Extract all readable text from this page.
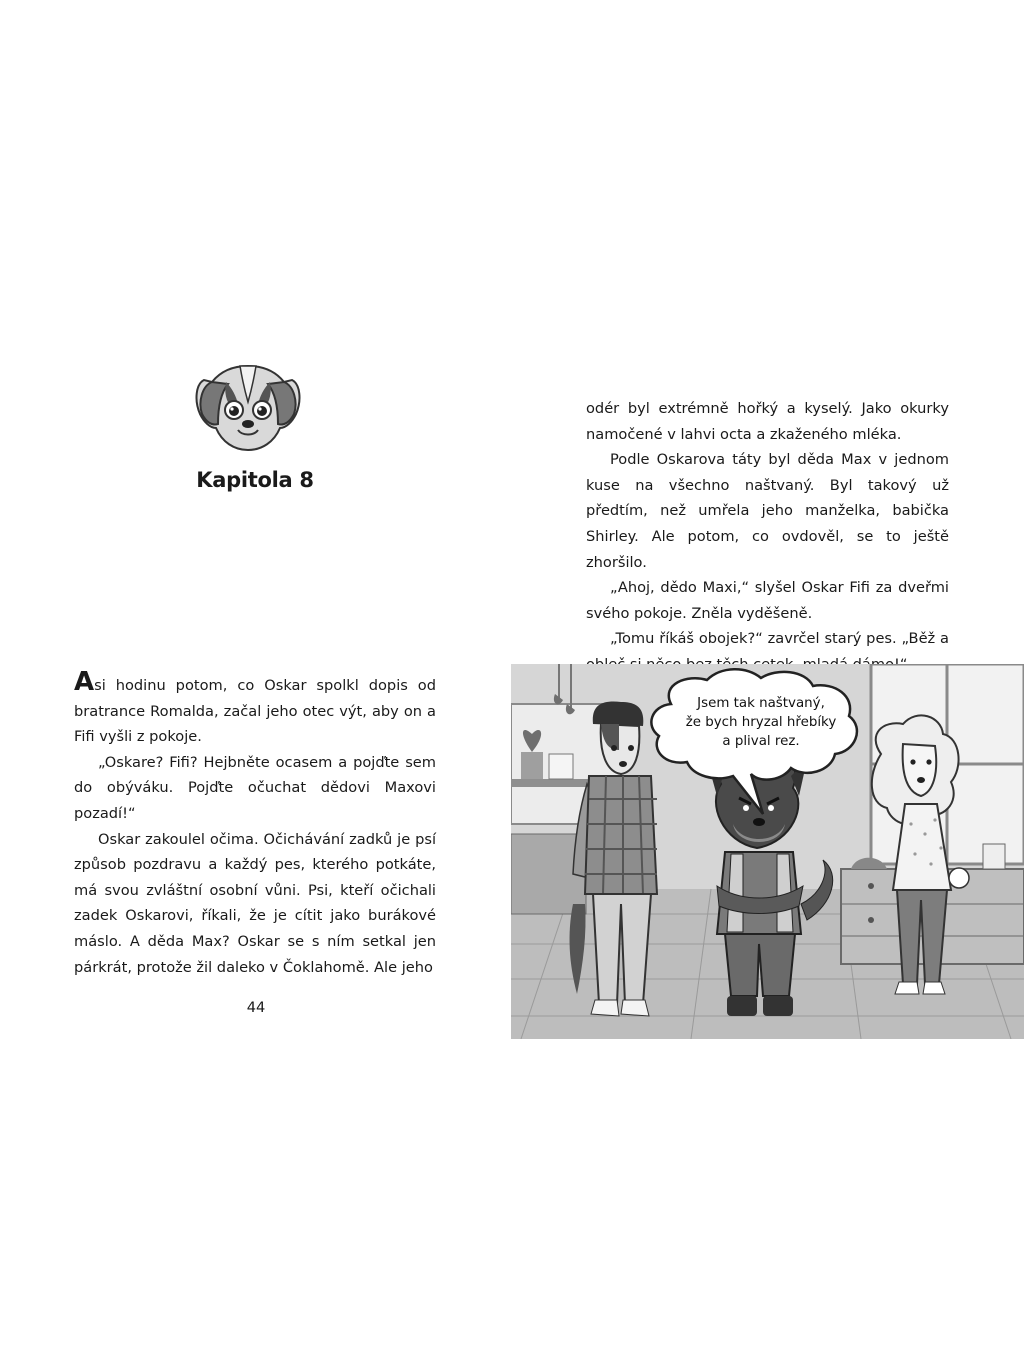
Kapitola 8

Asi hodinu potom, co Oskar spolkl dopis od bratrance Romalda, začal jeho otec výt, aby on a Fifi vyšli z pokoje.

„Oskare? Fifi? Hejbněte ocasem a pojďte sem do obýváku. Pojďte očuchat dědovi Maxovi pozadí!“

Oskar zakoulel očima. Očichávání zadků je psí způsob pozdravu a každý pes, kterého potkáte, má svou zvláštní osobní vůni. Psi, kteří očichali zadek Oskarovi, říkali, že je cítit jako burákové máslo. A děda Max? Oskar se s ním setkal jen párkrát, protože žil daleko v Čoklahomě. Ale jeho

44

odér byl extrémně hořký a kyselý. Jako okurky namočené v lahvi octa a zkaženého mléka.

Podle Oskarova táty byl děda Max v jednom kuse na všechno naštvaný. Byl takový už předtím, než umřela jeho manželka, babička Shirley. Ale potom, co ovdověl, se to ještě zhoršilo.

„Ahoj, dědo Maxi,“ slyšel Oskar Fifi za dveřmi svého pokoje. Zněla vyděšeně.

„Tomu říkáš obojek?“ zavrčel starý pes. „Běž a

Jsem tak naštvaný,
že bych hryzal hřebíky
a plival rez.
